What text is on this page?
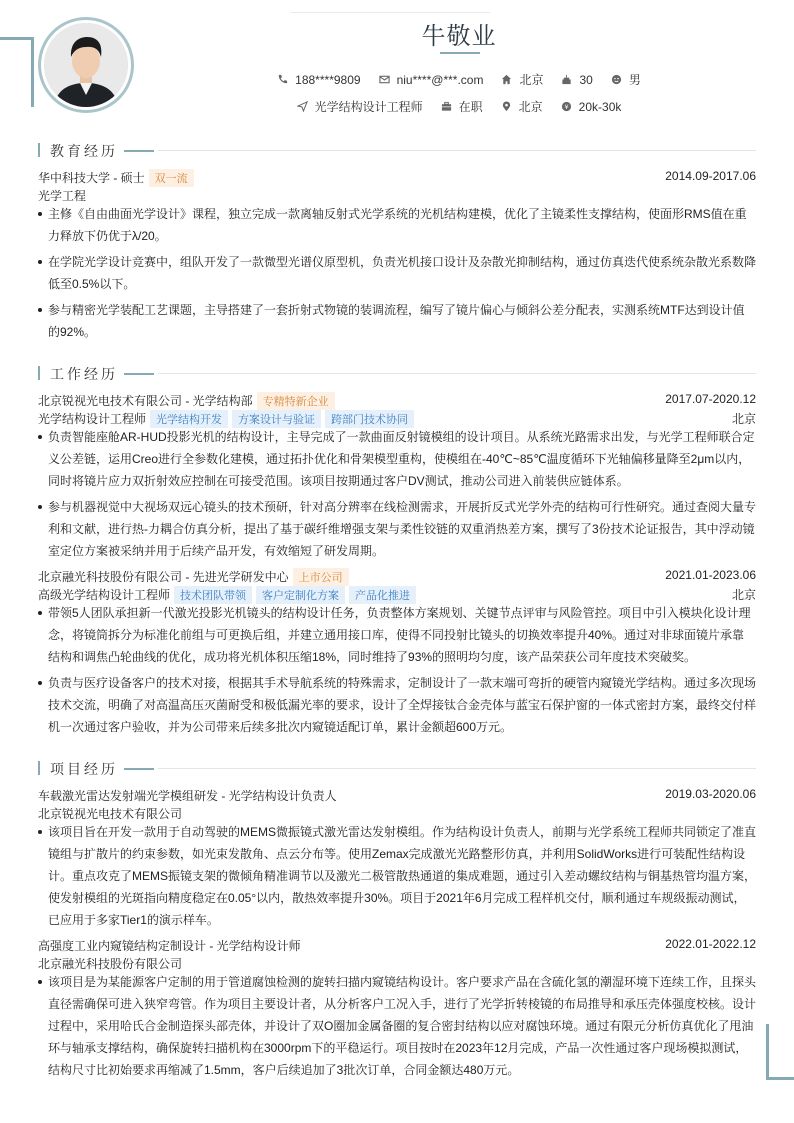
牛敬业
188****9809	niu****@***.com	北京	30	男
光学结构设计工程师	在职	北京	¥ 20k-30k
教育经历
华中科技大学 - 硕士 双一流	2014.09-2017.06
光学工程
主修《自由曲面光学设计》课程，独立完成一款离轴反射式光学系统的光机结构建模，优化了主镜柔性支撑结构，使面形RMS值在重力释放下仍优于λ/20。
在学院光学设计竞赛中，组队开发了一款微型光谱仪原型机，负责光机接口设计及杂散光抑制结构，通过仿真迭代使系统杂散光系数降低至0.5%以下。
参与精密光学装配工艺课题，主导搭建了一套折射式物镜的装调流程，编写了镜片偏心与倾斜公差分配表，实测系统MTF达到设计值的92%。
工作经历
北京锐视光电技术有限公司 - 光学结构部 专精特新企业	2017.07-2020.12
光学结构设计工程师 光学结构开发 方案设计与验证 跨部门技术协同	北京
负责智能座舱AR-HUD投影光机的结构设计，主导完成了一款曲面反射镜模组的设计项目。从系统光路需求出发，与光学工程师联合定义公差链，运用Creo进行全参数化建模，通过拓扑优化和骨架模型重构，使模组在-40℃~85℃温度循环下光轴偏移量降至2μm以内，同时将镜片应力双折射效应控制在可接受范围。该项目按期通过客户DV测试，推动公司进入前装供应链体系。
参与机器视觉中大视场双远心镜头的技术预研，针对高分辨率在线检测需求，开展折反式光学外壳的结构可行性研究。通过查阅大量专利和文献，进行热-力耦合仿真分析，提出了基于碳纤维增强支架与柔性铰链的双重消热差方案，撰写了3份技术论证报告，其中浮动镜室定位方案被采纳并用于后续产品开发，有效缩短了研发周期。
北京融光科技股份有限公司 - 先进光学研发中心 上市公司	2021.01-2023.06
高级光学结构设计工程师 技术团队带领 客户定制化方案 产品化推进	北京
带领5人团队承担新一代激光投影光机镜头的结构设计任务，负责整体方案规划、关键节点评审与风险管控。项目中引入模块化设计理念，将镜筒拆分为标准化前组与可更换后组，并建立通用接口库，使得不同投射比镜头的切换效率提升40%。通过对非球面镜片承靠结构和调焦凸轮曲线的优化，成功将光机体积压缩18%，同时维持了93%的照明均匀度，该产品荣获公司年度技术突破奖。
负责与医疗设备客户的技术对接，根据其手术导航系统的特殊需求，定制设计了一款末端可弯折的硬管内窥镜光学结构。通过多次现场技术交流，明确了对高温高压灭菌耐受和极低漏光率的要求，设计了全焊接钛合金壳体与蓝宝石保护窗的一体式密封方案，最终交付样机一次通过客户验收，并为公司带来后续多批次内窥镜适配订单，累计金额超600万元。
项目经历
车载激光雷达发射端光学模组研发 - 光学结构设计负责人	2019.03-2020.06
北京锐视光电技术有限公司
该项目旨在开发一款用于自动驾驶的MEMS微振镜式激光雷达发射模组。作为结构设计负责人，前期与光学系统工程师共同锁定了准直镜组与扩散片的约束参数，如光束发散角、点云分布等。使用Zemax完成激光光路整形仿真，并利用SolidWorks进行可装配性结构设计。重点攻克了MEMS振镜支架的微倾角精准调节以及激光二极管散热通道的集成难题，通过引入差动螺纹结构与铜基热管均温方案，使发射模组的光斑指向精度稳定在0.05°以内，散热效率提升30%。项目于2021年6月完成工程样机交付，顺利通过车规级振动测试，已应用于多家Tier1的演示样车。
高强度工业内窥镜结构定制设计 - 光学结构设计师	2022.01-2022.12
北京融光科技股份有限公司
该项目是为某能源客户定制的用于管道腐蚀检测的旋转扫描内窥镜结构设计。客户要求产品在含硫化氢的潮湿环境下连续工作，且探头直径需确保可进入狭窄弯管。作为项目主要设计者，从分析客户工况入手，进行了光学折转棱镜的布局推导和承压壳体强度校核。设计过程中，采用哈氏合金制造探头部壳体，并设计了双O圈加金属备圈的复合密封结构以应对腐蚀环境。通过有限元分析仿真优化了甩油环与轴承支撑结构，确保旋转扫描机构在3000rpm下的平稳运行。项目按时在2023年12月完成，产品一次性通过客户现场模拟测试，结构尺寸比初始要求再缩减了1.5mm，客户后续追加了3批次订单，合同金额达480万元。
